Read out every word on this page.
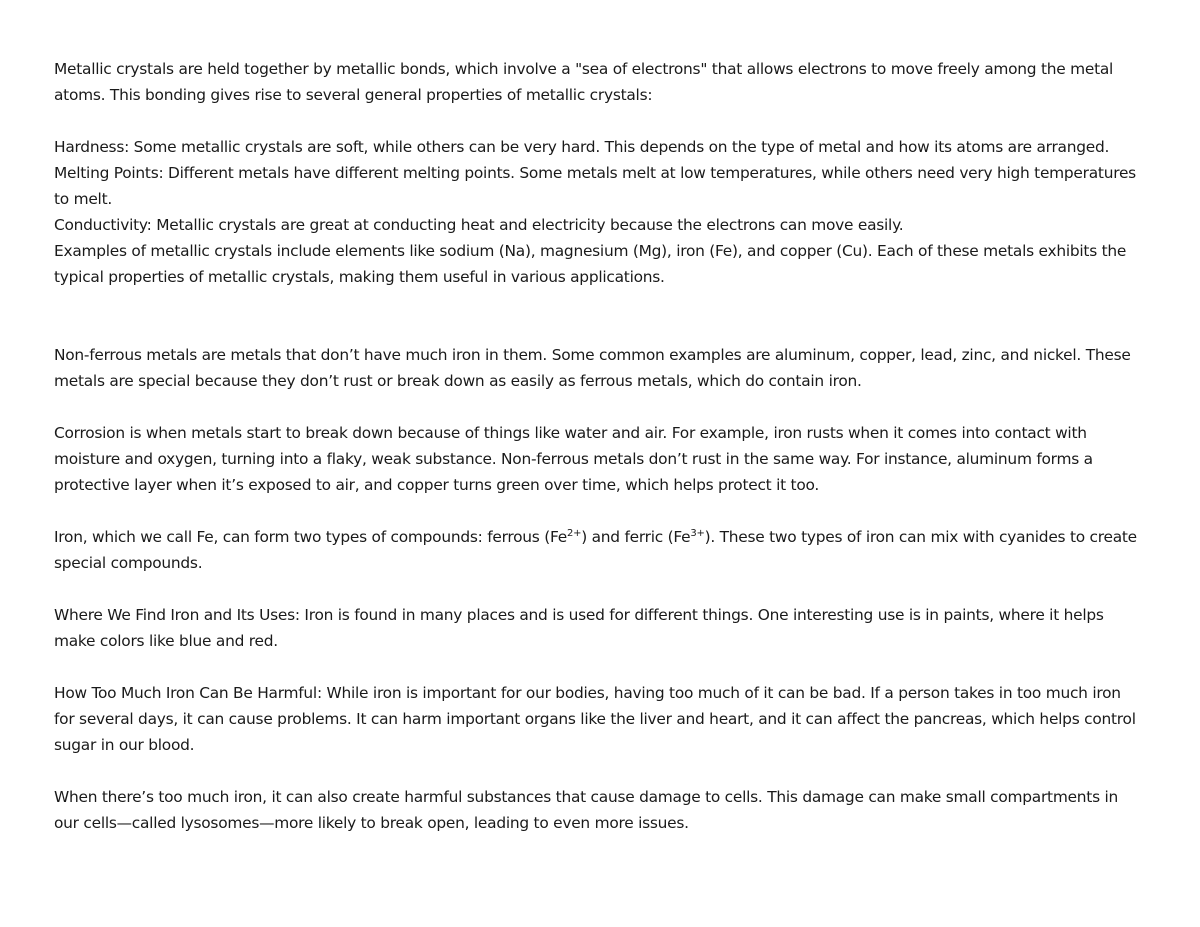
Metallic crystals are held together by metallic bonds, which involve a "sea of electrons" that allows electrons to move freely among the metal atoms. This bonding gives rise to several general properties of metallic crystals:

Hardness: Some metallic crystals are soft, while others can be very hard. This depends on the type of metal and how its atoms are arranged.

Melting Points: Different metals have different melting points. Some metals melt at low temperatures, while others need very high temperatures to melt.

Conductivity: Metallic crystals are great at conducting heat and electricity because the electrons can move easily.

Examples of metallic crystals include elements like sodium (Na), magnesium (Mg), iron (Fe), and copper (Cu). Each of these metals exhibits the typical properties of metallic crystals, making them useful in various applications.

Non-ferrous metals are metals that don’t have much iron in them. Some common examples are aluminum, copper, lead, zinc, and nickel. These metals are special because they don’t rust or break down as easily as ferrous metals, which do contain iron.

Corrosion is when metals start to break down because of things like water and air. For example, iron rusts when it comes into contact with moisture and oxygen, turning into a flaky, weak substance. Non-ferrous metals don’t rust in the same way. For instance, aluminum forms a protective layer when it’s exposed to air, and copper turns green over time, which helps protect it too.

Iron, which we call Fe, can form two types of compounds: ferrous $(Fe^{2+})$ and ferric $(Fe^{3+})$. These two types of iron can mix with cyanides to create special compounds.

Where We Find Iron and Its Uses: Iron is found in many places and is used for different things. One interesting use is in paints, where it helps make colors like blue and red.

How Too Much Iron Can Be Harmful: While iron is important for our bodies, having too much of it can be bad. If a person takes in too much iron for several days, it can cause problems. It can harm important organs like the liver and heart, and it can affect the pancreas, which helps control sugar in our blood.

When there’s too much iron, it can also create harmful substances that cause damage to cells. This damage can make small compartments in our cells—called lysosomes—more likely to break open, leading to even more issues.
